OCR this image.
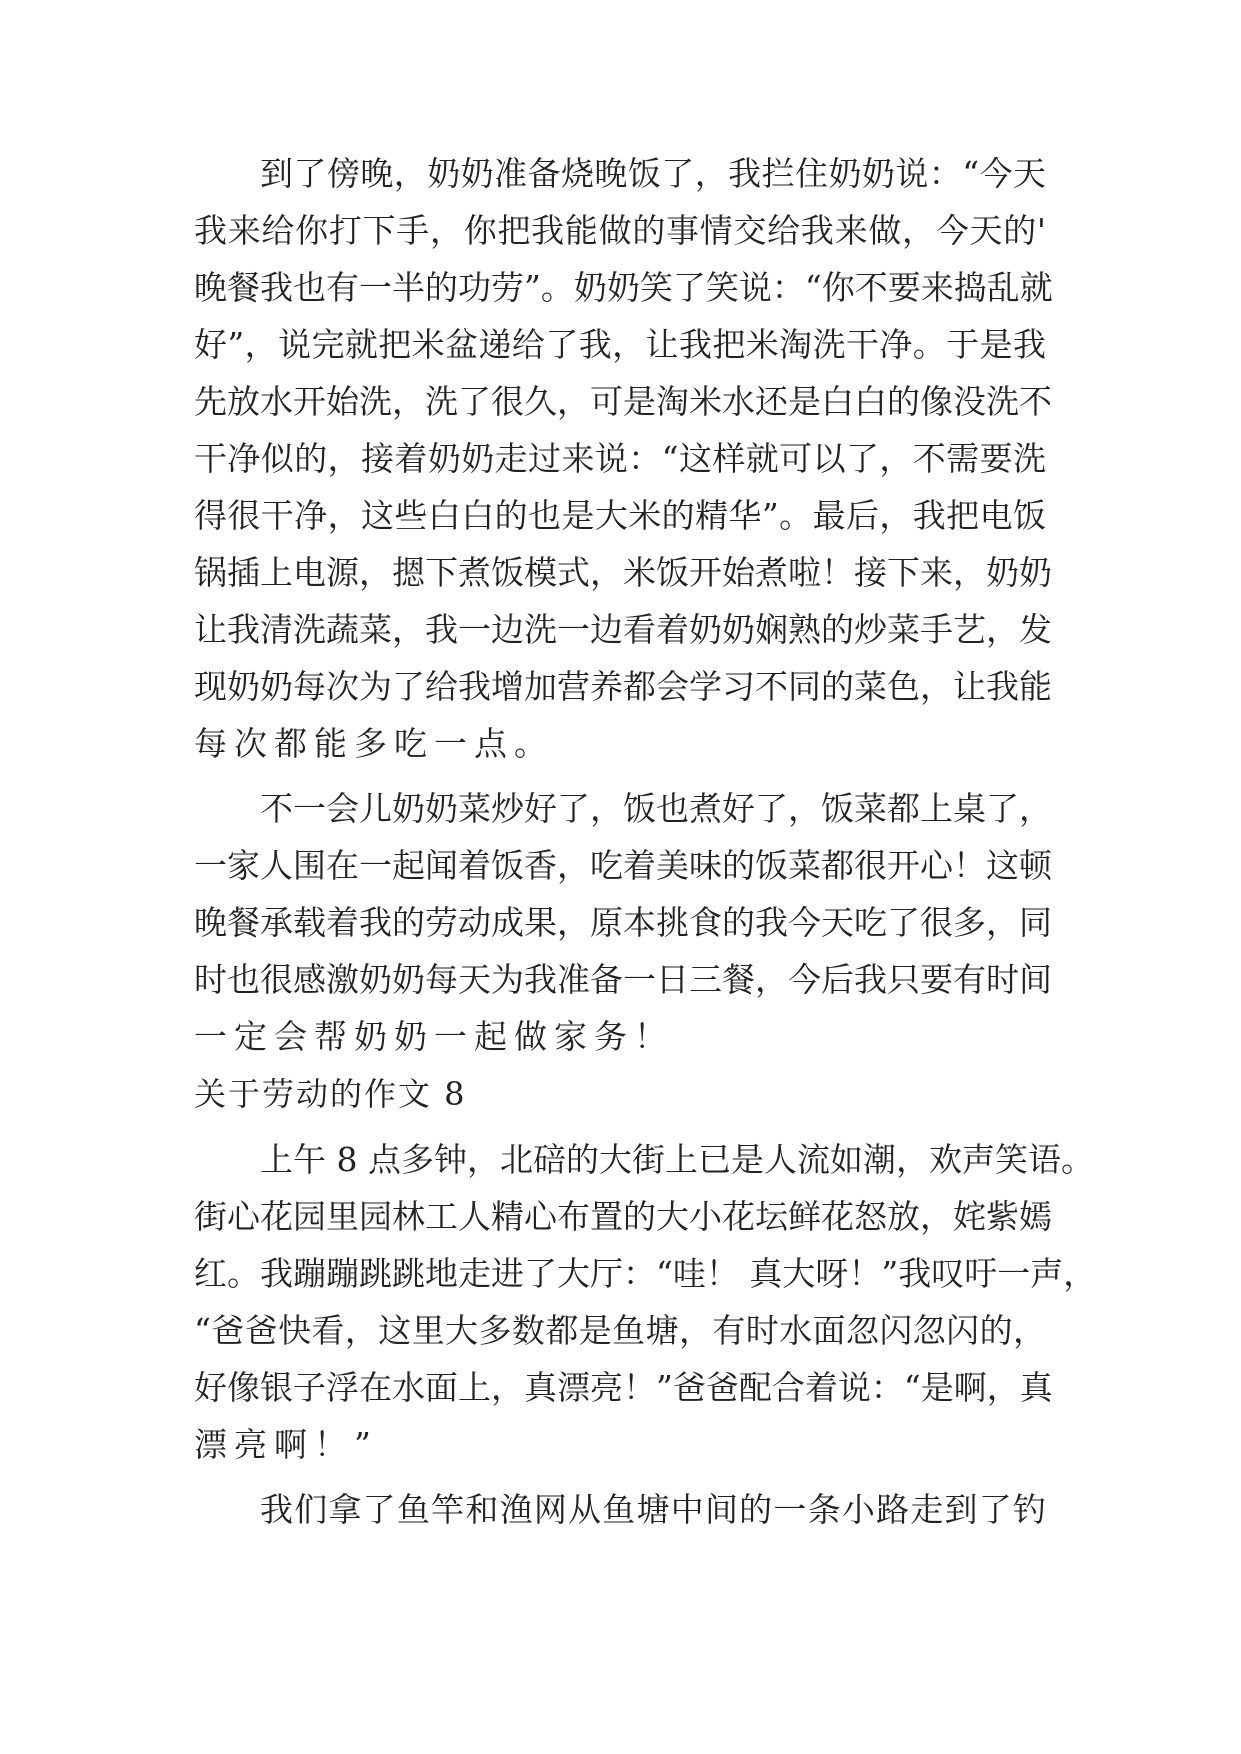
到了傍晚，奶奶准备烧晚饭了，我拦住奶奶说：“今天
我来给你打下手，你把我能做的事情交给我来做，今天的'
晚餐我也有一半的功劳”。奶奶笑了笑说：“你不要来捣乱就
好”，说完就把米盆递给了我，让我把米淘洗干净。于是我
先放水开始洗，洗了很久，可是淘米水还是白白的像没洗不
干净似的，接着奶奶走过来说：“这样就可以了，不需要洗
得很干净，这些白白的也是大米的精华”。最后，我把电饭
锅插上电源，摁下煮饭模式，米饭开始煮啦！接下来，奶奶
让我清洗蔬菜，我一边洗一边看着奶奶娴熟的炒菜手艺，发
现奶奶每次为了给我增加营养都会学习不同的菜色，让我能
每次都能多吃一点。
不一会儿奶奶菜炒好了，饭也煮好了，饭菜都上桌了，
一家人围在一起闻着饭香，吃着美味的饭菜都很开心！这顿
晚餐承载着我的劳动成果，原本挑食的我今天吃了很多，同
时也很感激奶奶每天为我准备一日三餐，今后我只要有时间
一定会帮奶奶一起做家务！
关于劳动的作文 8
上午 8 点多钟，北碚的大街上已是人流如潮，欢声笑语。
街心花园里园林工人精心布置的大小花坛鲜花怒放，姹紫嫣
红。我蹦蹦跳跳地走进了大厅：“哇！ 真大呀！”我叹吁一声，
“爸爸快看，这里大多数都是鱼塘，有时水面忽闪忽闪的，
好像银子浮在水面上，真漂亮！”爸爸配合着说：“是啊，真
漂亮啊！”
我们拿了鱼竿和渔网从鱼塘中间的一条小路走到了钓
